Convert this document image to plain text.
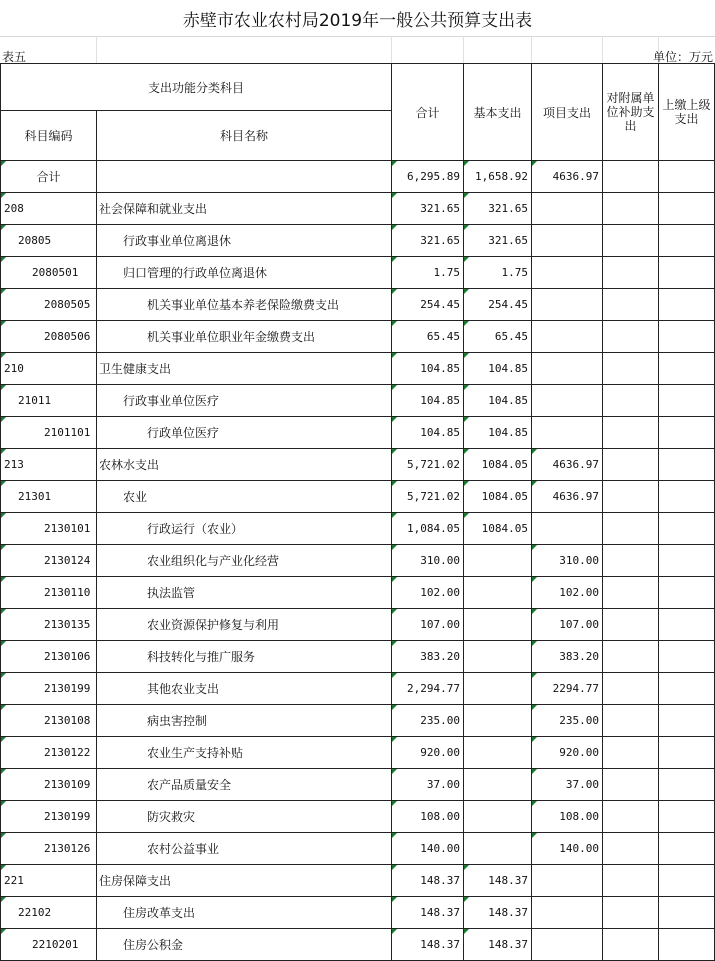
赤壁市农业农村局2019年一般公共预算支出表
表五	单位：万元
支出功能分类科目		合计	基本支出	项目支出	对附属单位补助支出	上缴上级支出
科目编码	科目名称					
合计		6,295.89	1,658.92	4636.97		
208	社会保障和就业支出	321.65	321.65			
20805	行政事业单位离退休	321.65	321.65			
2080501	归口管理的行政单位离退休	1.75	1.75			
2080505	机关事业单位基本养老保险缴费支出	254.45	254.45			
2080506	机关事业单位职业年金缴费支出	65.45	65.45			
210	卫生健康支出	104.85	104.85			
21011	行政事业单位医疗	104.85	104.85			
2101101	行政单位医疗	104.85	104.85			
213	农林水支出	5,721.02	1084.05	4636.97		
21301	农业	5,721.02	1084.05	4636.97		
2130101	行政运行（农业）	1,084.05	1084.05			
2130124	农业组织化与产业化经营	310.00		310.00		
2130110	执法监管	102.00		102.00		
2130135	农业资源保护修复与利用	107.00		107.00		
2130106	科技转化与推广服务	383.20		383.20		
2130199	其他农业支出	2,294.77		2294.77		
2130108	病虫害控制	235.00		235.00		
2130122	农业生产支持补贴	920.00		920.00		
2130109	农产品质量安全	37.00		37.00		
2130199	防灾救灾	108.00		108.00		
2130126	农村公益事业	140.00		140.00		
221	住房保障支出	148.37	148.37			
22102	住房改革支出	148.37	148.37			
2210201	住房公积金	148.37	148.37			
